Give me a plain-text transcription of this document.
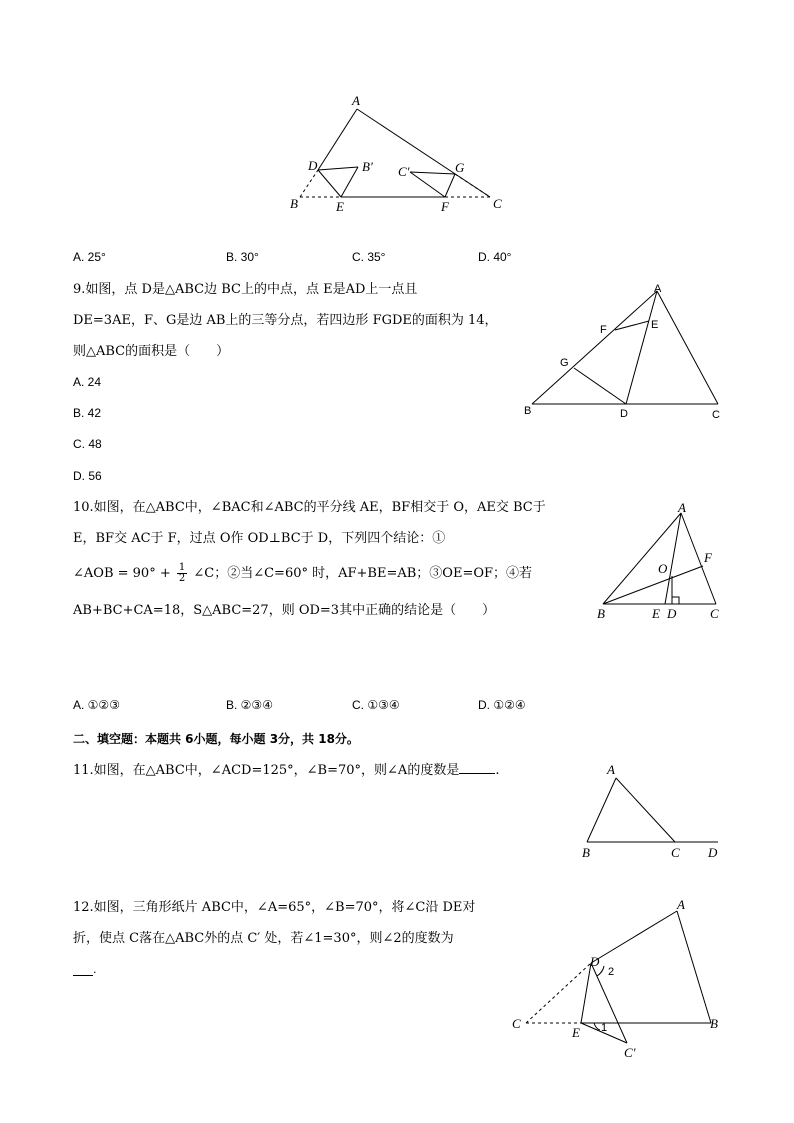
A
D	B′ C′	G
B	E	F	C
A. 25°	B. 30°	C. 35°	D. 40°
9.如图，点 D是△ABC边 BC上的中点，点 E是AD上一点且
DE=3AE，F、G是边 AB上的三等分点，若四边形 FGDE的面积为 14，
则△ABC的面积是（　　）
A. 24
B. 42
C. 48
D. 56
A
F	E
G
B	D	C
10.如图，在△ABC中，∠BAC和∠ABC的平分线 AE，BF相交于 O，AE交 BC于
E，BF交 AC于 F，过点 O作 OD⊥BC于 D，下列四个结论：①
∠AOB = $90^\circ + \frac{1}{2}$ ∠C；②当∠C=60° 时，AF+BE=AB；③OE=OF；④若
AB+BC+CA=18，S△ABC=27，则 OD=3其中正确的结论是（　　）
A
F
O
B	E D	C
A. ①②③	B. ②③④	C. ①③④	D. ①②④
二、填空题：本题共 6小题，每小题 3分，共 18分。
11.如图，在△ABC中，∠ACD=125°，∠B=70°，则∠A的度数是	.	A
B	C D
12.如图，三角形纸片 ABC中，∠A=65°，∠B=70°，将∠C沿 DE对
折，使点 C落在△ABC外的点 C′ 处，若∠1=30°，则∠2的度数为
.
D
2
A
C
E 1	B
C′
